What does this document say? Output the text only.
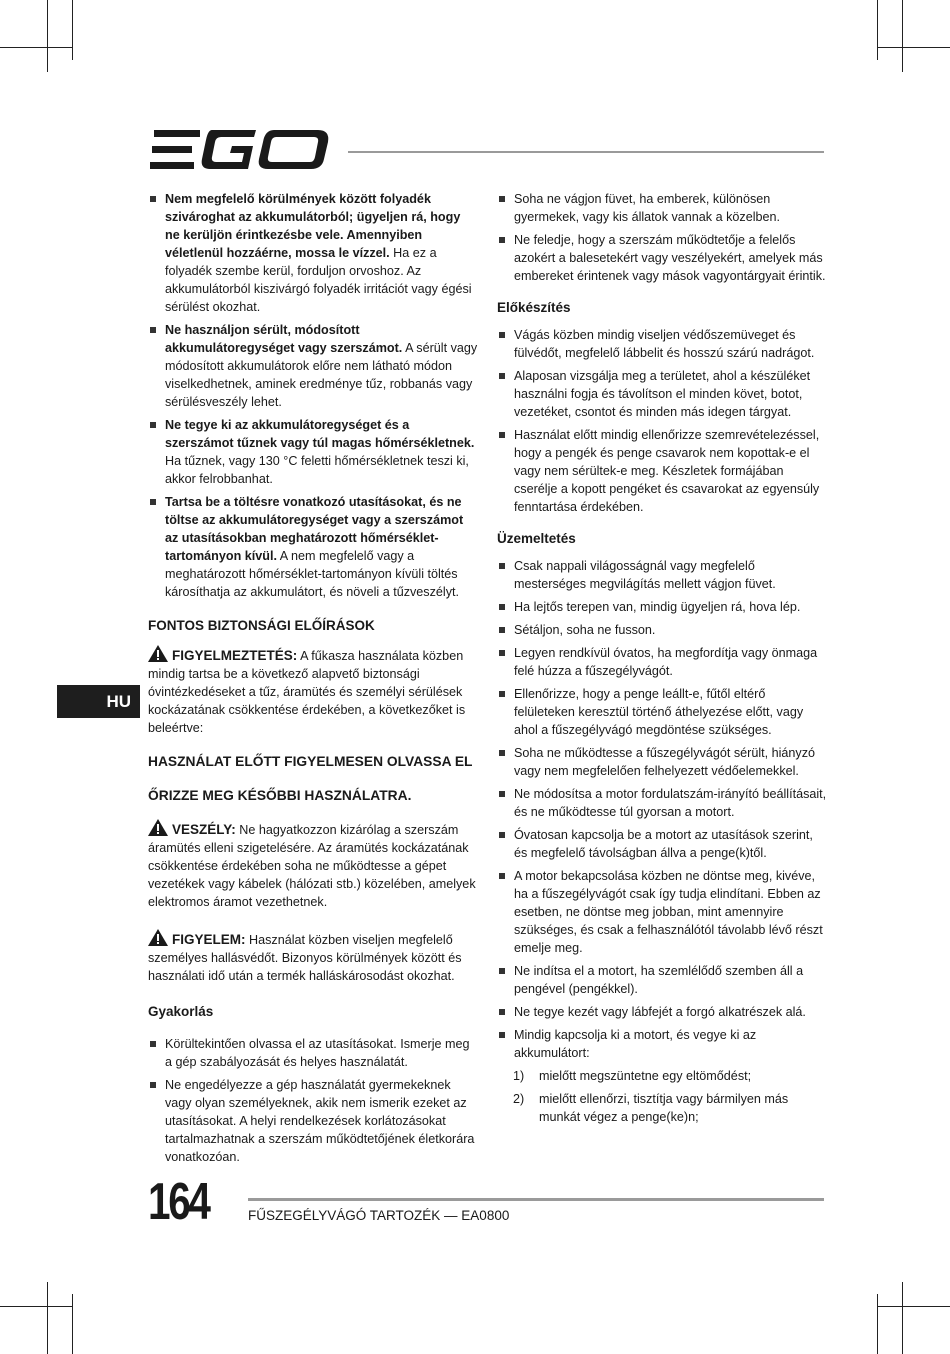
HU
Nem megfelelő körülmények között folyadék szivároghat az akkumulátorból; ügyeljen rá, hogy ne kerüljön érintkezésbe vele. Amennyiben véletlenül hozzáérne, mossa le vízzel. Ha ez a folyadék szembe kerül, forduljon orvoshoz. Az akkumulátorból kiszivárgó folyadék irritációt vagy égési sérülést okozhat.
Ne használjon sérült, módosított akkumulátoregységet vagy szerszámot. A sérült vagy módosított akkumulátorok előre nem látható módon viselkedhetnek, aminek eredménye tűz, robbanás vagy sérülésveszély lehet.
Ne tegye ki az akkumulátoregységet és a szerszámot tűznek vagy túl magas hőmérsékletnek. Ha tűznek, vagy 130 °C feletti hőmérsékletnek teszi ki, akkor felrobbanhat.
Tartsa be a töltésre vonatkozó utasításokat, és ne töltse az akkumulátoregységet vagy a szerszámot az utasításokban meghatározott hőmérséklet-tartományon kívül. A nem megfelelő vagy a meghatározott hőmérséklet-tartományon kívüli töltés károsíthatja az akkumulátort, és növeli a tűzveszélyt.
FONTOS BIZTONSÁGI ELŐÍRÁSOK
FIGYELMEZTETÉS: A fűkasza használata közben mindig tartsa be a következő alapvető biztonsági óvintézkedéseket a tűz, áramütés és személyi sérülések kockázatának csökkentése érdekében, a következőket is beleértve:
HASZNÁLAT ELŐTT FIGYELMESEN OLVASSA EL
ŐRIZZE MEG KÉSŐBBI HASZNÁLATRA.
VESZÉLY: Ne hagyatkozzon kizárólag a szerszám áramütés elleni szigetelésére. Az áramütés kockázatának csökkentése érdekében soha ne működtesse a gépet vezetékek vagy kábelek (hálózati stb.) közelében, amelyek elektromos áramot vezethetnek.
FIGYELEM: Használat közben viseljen megfelelő személyes hallásvédőt. Bizonyos körülmények között és használati idő után a termék halláskárosodást okozhat.
Gyakorlás
Körültekintően olvassa el az utasításokat. Ismerje meg a gép szabályozását és helyes használatát.
Ne engedélyezze a gép használatát gyermekeknek vagy olyan személyeknek, akik nem ismerik ezeket az utasításokat. A helyi rendelkezések korlátozásokat tartalmazhatnak a szerszám működtetőjének életkorára vonatkozóan.
Soha ne vágjon füvet, ha emberek, különösen gyermekek, vagy kis állatok vannak a közelben.
Ne feledje, hogy a szerszám működtetője a felelős azokért a balesetekért vagy veszélyekért, amelyek más embereket érintenek vagy mások vagyontárgyait érintik.
Előkészítés
Vágás közben mindig viseljen védőszemüveget és fülvédőt, megfelelő lábbelit és hosszú szárú nadrágot.
Alaposan vizsgálja meg a területet, ahol a készüléket használni fogja és távolítson el minden követ, botot, vezetéket, csontot és minden más idegen tárgyat.
Használat előtt mindig ellenőrizze szemrevételezéssel, hogy a pengék és penge csavarok nem kopottak-e el vagy nem sérültek-e meg. Készletek formájában cserélje a kopott pengéket és csavarokat az egyensúly fenntartása érdekében.
Üzemeltetés
Csak nappali világosságnál vagy megfelelő mesterséges megvilágítás mellett vágjon füvet.
Ha lejtős terepen van, mindig ügyeljen rá, hova lép.
Sétáljon, soha ne fusson.
Legyen rendkívül óvatos, ha megfordítja vagy önmaga felé húzza a fűszegélyvágót.
Ellenőrizze, hogy a penge leállt-e, fűtől eltérő felületeken keresztül történő áthelyezése előtt, vagy ahol a fűszegélyvágó megdöntése szükséges.
Soha ne működtesse a fűszegélyvágót sérült, hiányzó vagy nem megfelelően felhelyezett védőelemekkel.
Ne módosítsa a motor fordulatszám-irányító beállításait, és ne működtesse túl gyorsan a motort.
Óvatosan kapcsolja be a motort az utasítások szerint, és megfelelő távolságban állva a penge(k)től.
A motor bekapcsolása közben ne döntse meg, kivéve, ha a fűszegélyvágót csak így tudja elindítani. Ebben az esetben, ne döntse meg jobban, mint amennyire szükséges, és csak a felhasználótól távolabb lévő részt emelje meg.
Ne indítsa el a motort, ha szemlélődő szemben áll a pengével (pengékkel).
Ne tegye kezét vagy lábfejét a forgó alkatrészek alá.
Mindig kapcsolja ki a motort, és vegye ki az akkumulátort:
1) mielőtt megszüntetne egy eltömődést;
2) mielőtt ellenőrzi, tisztítja vagy bármilyen más munkát végez a penge(ke)n;
164	FŰSZEGÉLYVÁGÓ TARTOZÉK — EA0800
